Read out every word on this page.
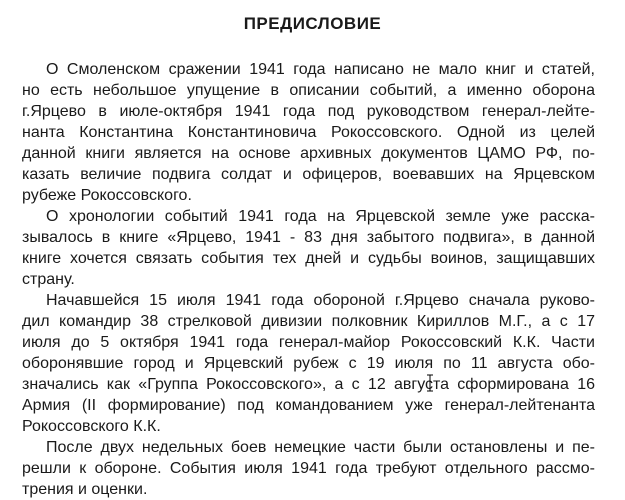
ПРЕДИСЛОВИЕ
О Смоленском сражении 1941 года написано не мало книг и статей,
но есть небольшое упущение в описании событий, а именно оборона
г.Ярцево в июле-октября 1941 года под руководством генерал-лейте-
нанта Константина Константиновича Рокоссовского. Одной из целей
данной книги является на основе архивных документов ЦАМО РФ, по-
казать величие подвига солдат и офицеров, воевавших на Ярцевском
рубеже Рокоссовского.
О хронологии событий 1941 года на Ярцевской земле уже расска-
зывалось в книге «Ярцево, 1941 - 83 дня забытого подвига», в данной
книге хочется связать события тех дней и судьбы воинов, защищавших
страну.
Начавшейся 15 июля 1941 года обороной г.Ярцево сначала руково-
дил командир 38 стрелковой дивизии полковник Кириллов М.Г., а с 17
июля до 5 октября 1941 года генерал-майор Рокоссовский К.К. Части
оборонявшие город и Ярцевский рубеж с 19 июля по 11 августа обо-
значались как «Группа Рокоссовского», а с 12 августа сформирована 16
Армия (II формирование) под командованием уже генерал-лейтенанта
Рокоссовского К.К.
После двух недельных боев немецкие части были остановлены и пе-
решли к обороне. События июля 1941 года требуют отдельного рассмо-
трения и оценки.
